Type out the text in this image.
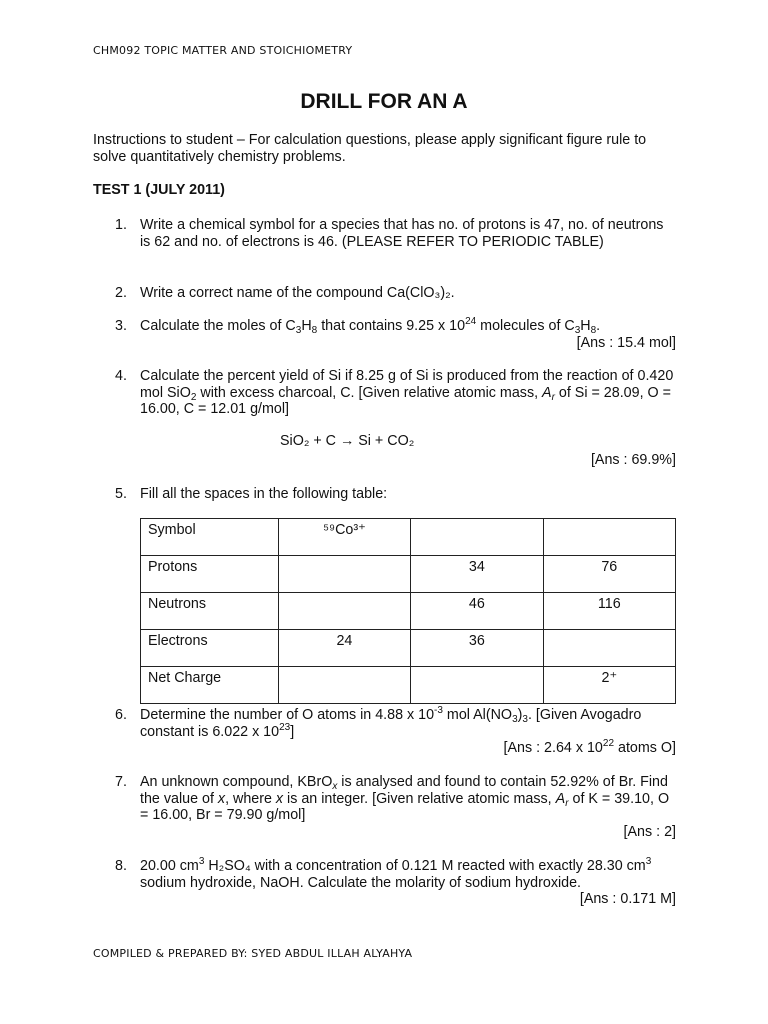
CHM092 TOPIC MATTER AND STOICHIOMETRY
DRILL FOR AN A
Instructions to student – For calculation questions, please apply significant figure rule to solve quantitatively chemistry problems.
TEST 1 (JULY 2011)
1. Write a chemical symbol for a species that has no. of protons is 47, no. of neutrons is 62 and no. of electrons is 46. (PLEASE REFER TO PERIODIC TABLE)
2. Write a correct name of the compound Ca(ClO₃)₂.
3. Calculate the moles of $C_3H_8$ that contains 9.25 x $10^{24}$ molecules of $C_3H_8$.
[Ans : 15.4 mol]
4. Calculate the percent yield of Si if 8.25 g of Si is produced from the reaction of 0.420 mol SiO$_2$ with excess charcoal, C. [Given relative atomic mass, $A_r$ of Si = 28.09, O = 16.00, C = 12.01 g/mol]
SiO₂ + C → Si + CO₂
[Ans : 69.9%]
5. Fill all the spaces in the following table:
Symbol	⁵⁹Co³⁺		
Protons		34	76
Neutrons		46	116
Electrons	24	36	
Net Charge			2⁺
6. Determine the number of O atoms in 4.88 x $10^{-3}$ mol $Al(NO_3)_3$. [Given Avogadro constant is 6.022 x $10^{23}$]
[Ans : 2.64 x $10^{22}$ atoms O]
7. An unknown compound, KBrO$_x$ is analysed and found to contain 52.92% of Br. Find the value of x, where x is an integer. [Given relative atomic mass, $A_r$ of K = 39.10, O = 16.00, Br = 79.90 g/mol]
[Ans : 2]
8. 20.00 $cm^3$ H₂SO₄ with a concentration of 0.121 M reacted with exactly 28.30 $cm^3$ sodium hydroxide, NaOH. Calculate the molarity of sodium hydroxide.
[Ans : 0.171 M]
COMPILED & PREPARED BY: SYED ABDUL ILLAH ALYAHYA
